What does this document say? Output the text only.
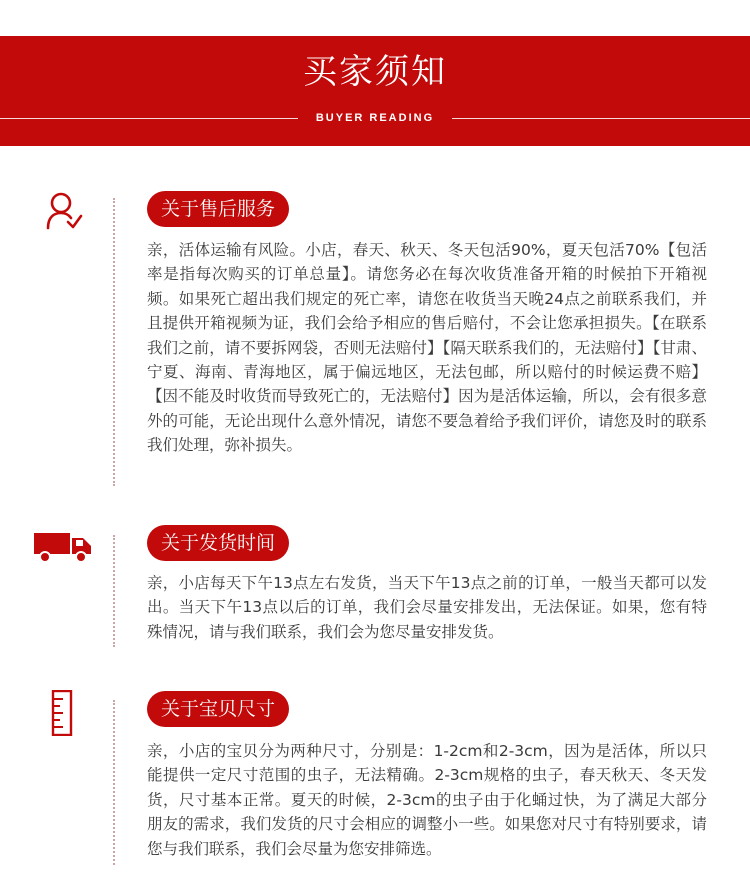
买家须知
BUYER READING
关于售后服务
亲，活体运输有风险。小店，春天、秋天、冬天包活90%，夏天包活70%【包活率是指每次购买的订单总量】。请您务必在每次收货准备开箱的时候拍下开箱视频。如果死亡超出我们规定的死亡率，请您在收货当天晚24点之前联系我们，并且提供开箱视频为证，我们会给予相应的售后赔付，不会让您承担损失。【在联系我们之前，请不要拆网袋，否则无法赔付】【隔天联系我们的，无法赔付】【甘肃、宁夏、海南、青海地区，属于偏远地区，无法包邮，所以赔付的时候运费不赔】【因不能及时收货而导致死亡的，无法赔付】因为是活体运输，所以，会有很多意外的可能，无论出现什么意外情况，请您不要急着给予我们评价，请您及时的联系我们处理，弥补损失。
关于发货时间
亲，小店每天下午13点左右发货，当天下午13点之前的订单，一般当天都可以发出。当天下午13点以后的订单，我们会尽量安排发出，无法保证。如果，您有特殊情况，请与我们联系，我们会为您尽量安排发货。
关于宝贝尺寸
亲，小店的宝贝分为两种尺寸，分别是：1-2cm和2-3cm，因为是活体，所以只能提供一定尺寸范围的虫子，无法精确。2-3cm规格的虫子，春天秋天、冬天发货，尺寸基本正常。夏天的时候，2-3cm的虫子由于化蛹过快，为了满足大部分朋友的需求，我们发货的尺寸会相应的调整小一些。如果您对尺寸有特别要求，请您与我们联系，我们会尽量为您安排筛选。
